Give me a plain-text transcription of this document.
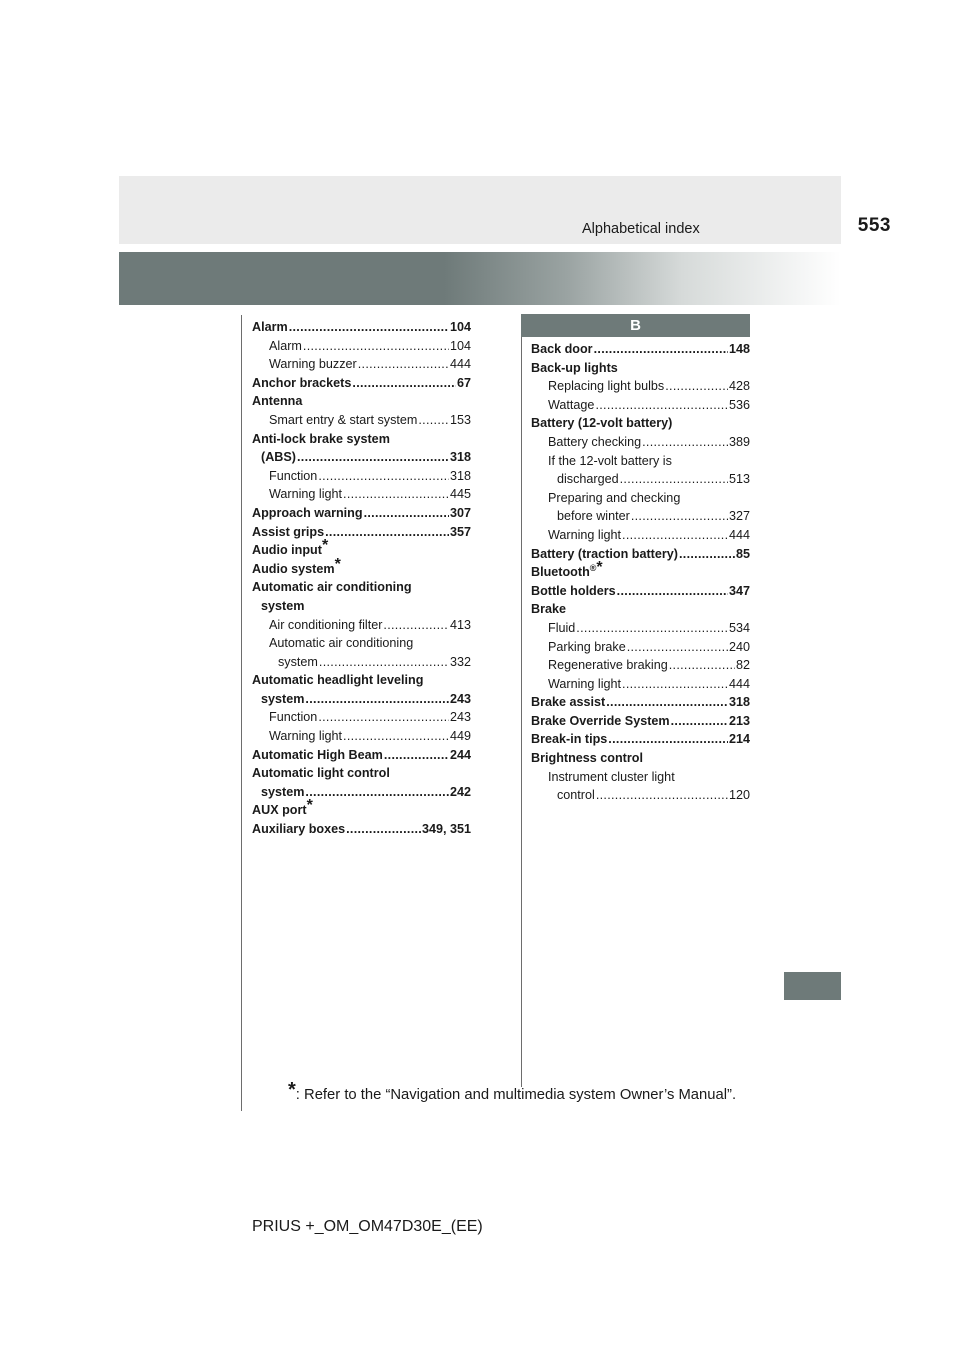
Alphabetical index	553
B
Alarm .....	104
Alarm .....	104
Warning buzzer .....	444
Anchor brackets .....	67
Antenna
Smart entry & start system .....	153
Anti-lock brake system
(ABS) .....	318
Function .....	318
Warning light .....	445
Approach warning .....	307
Assist grips .....	357
Audio input*
Audio system*
Automatic air conditioning
system
Air conditioning filter .....	413
Automatic air conditioning
system .....	332
Automatic headlight leveling
system .....	243
Function .....	243
Warning light .....	449
Automatic High Beam .....	244
Automatic light control
system .....	242
AUX port*
Auxiliary boxes .....	349, 351
Back door .....	148
Back-up lights
Replacing light bulbs .....	428
Wattage .....	536
Battery (12-volt battery)
Battery checking .....	389
If the 12-volt battery is
discharged .....	513
Preparing and checking
before winter .....	327
Warning light .....	444
Battery (traction battery) .....	85
Bluetooth®*
Bottle holders .....	347
Brake
Fluid .....	534
Parking brake .....	240
Regenerative braking .....	82
Warning light .....	444
Brake assist .....	318
Brake Override System .....	213
Break-in tips .....	214
Brightness control
Instrument cluster light
control .....	120
*: Refer to the “Navigation and multimedia system Owner’s Manual”.
PRIUS +_OM_OM47D30E_(EE)
